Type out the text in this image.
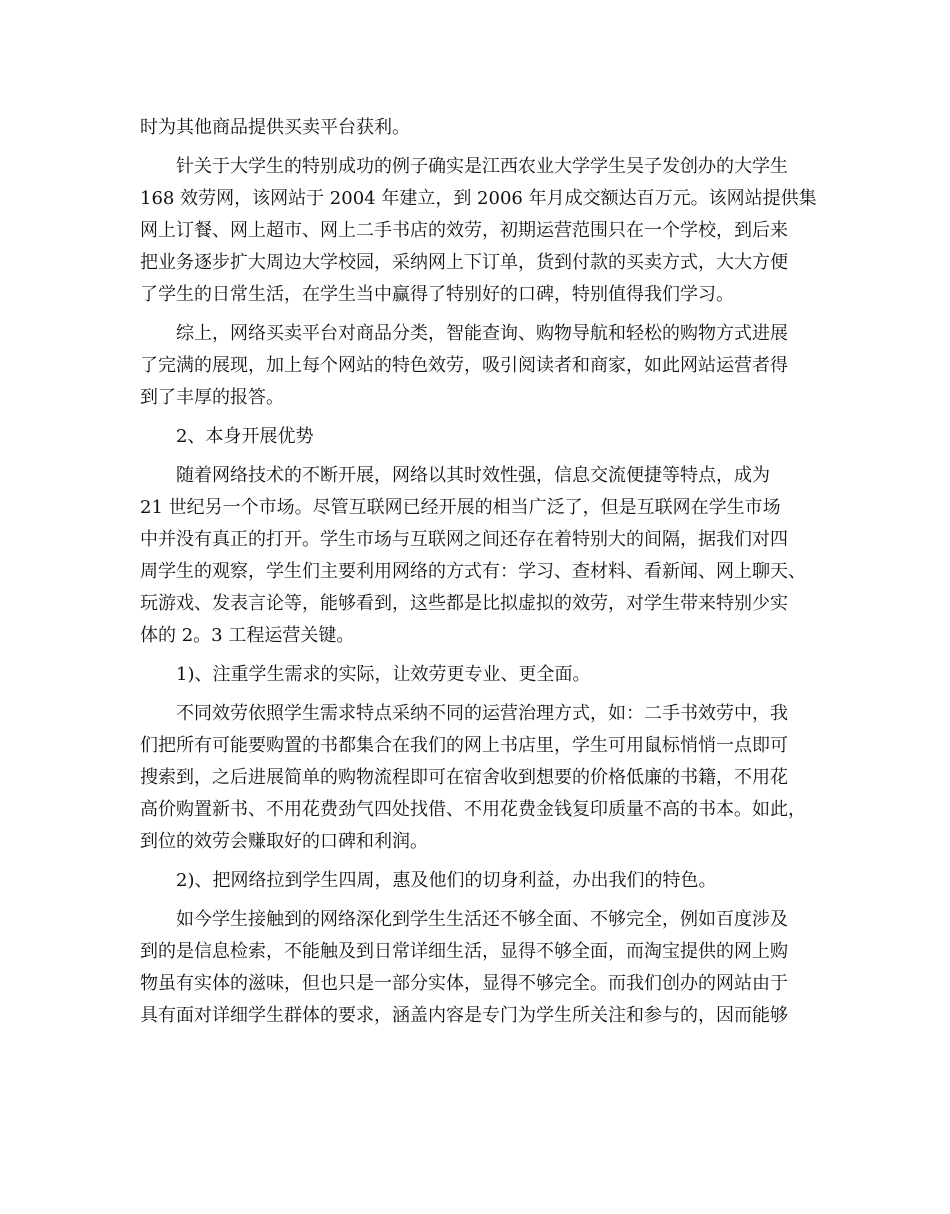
时为其他商品提供买卖平台获利。
针关于大学生的特别成功的例子确实是江西农业大学学生吴子发创办的大学生
168 效劳网，该网站于 2004 年建立，到 2006 年月成交额达百万元。该网站提供集
网上订餐、网上超市、网上二手书店的效劳，初期运营范围只在一个学校，到后来
把业务逐步扩大周边大学校园，采纳网上下订单，货到付款的买卖方式，大大方便
了学生的日常生活，在学生当中赢得了特别好的口碑，特别值得我们学习。
综上，网络买卖平台对商品分类，智能查询、购物导航和轻松的购物方式进展
了完满的展现，加上每个网站的特色效劳，吸引阅读者和商家，如此网站运营者得
到了丰厚的报答。
2、本身开展优势
随着网络技术的不断开展，网络以其时效性强，信息交流便捷等特点，成为
21 世纪另一个市场。尽管互联网已经开展的相当广泛了，但是互联网在学生市场
中并没有真正的打开。学生市场与互联网之间还存在着特别大的间隔，据我们对四
周学生的观察，学生们主要利用网络的方式有：学习、查材料、看新闻、网上聊天、
玩游戏、发表言论等，能够看到，这些都是比拟虚拟的效劳，对学生带来特别少实
体的 2。3 工程运营关键。
1)、注重学生需求的实际，让效劳更专业、更全面。
不同效劳依照学生需求特点采纳不同的运营治理方式，如：二手书效劳中，我
们把所有可能要购置的书都集合在我们的网上书店里，学生可用鼠标悄悄一点即可
搜索到，之后进展简单的购物流程即可在宿舍收到想要的价格低廉的书籍，不用花
高价购置新书、不用花费劲气四处找借、不用花费金钱复印质量不高的书本。如此，
到位的效劳会赚取好的口碑和利润。
2)、把网络拉到学生四周，惠及他们的切身利益，办出我们的特色。
如今学生接触到的网络深化到学生生活还不够全面、不够完全，例如百度涉及
到的是信息检索，不能触及到日常详细生活，显得不够全面，而淘宝提供的网上购
物虽有实体的滋味，但也只是一部分实体，显得不够完全。而我们创办的网站由于
具有面对详细学生群体的要求，涵盖内容是专门为学生所关注和参与的，因而能够
